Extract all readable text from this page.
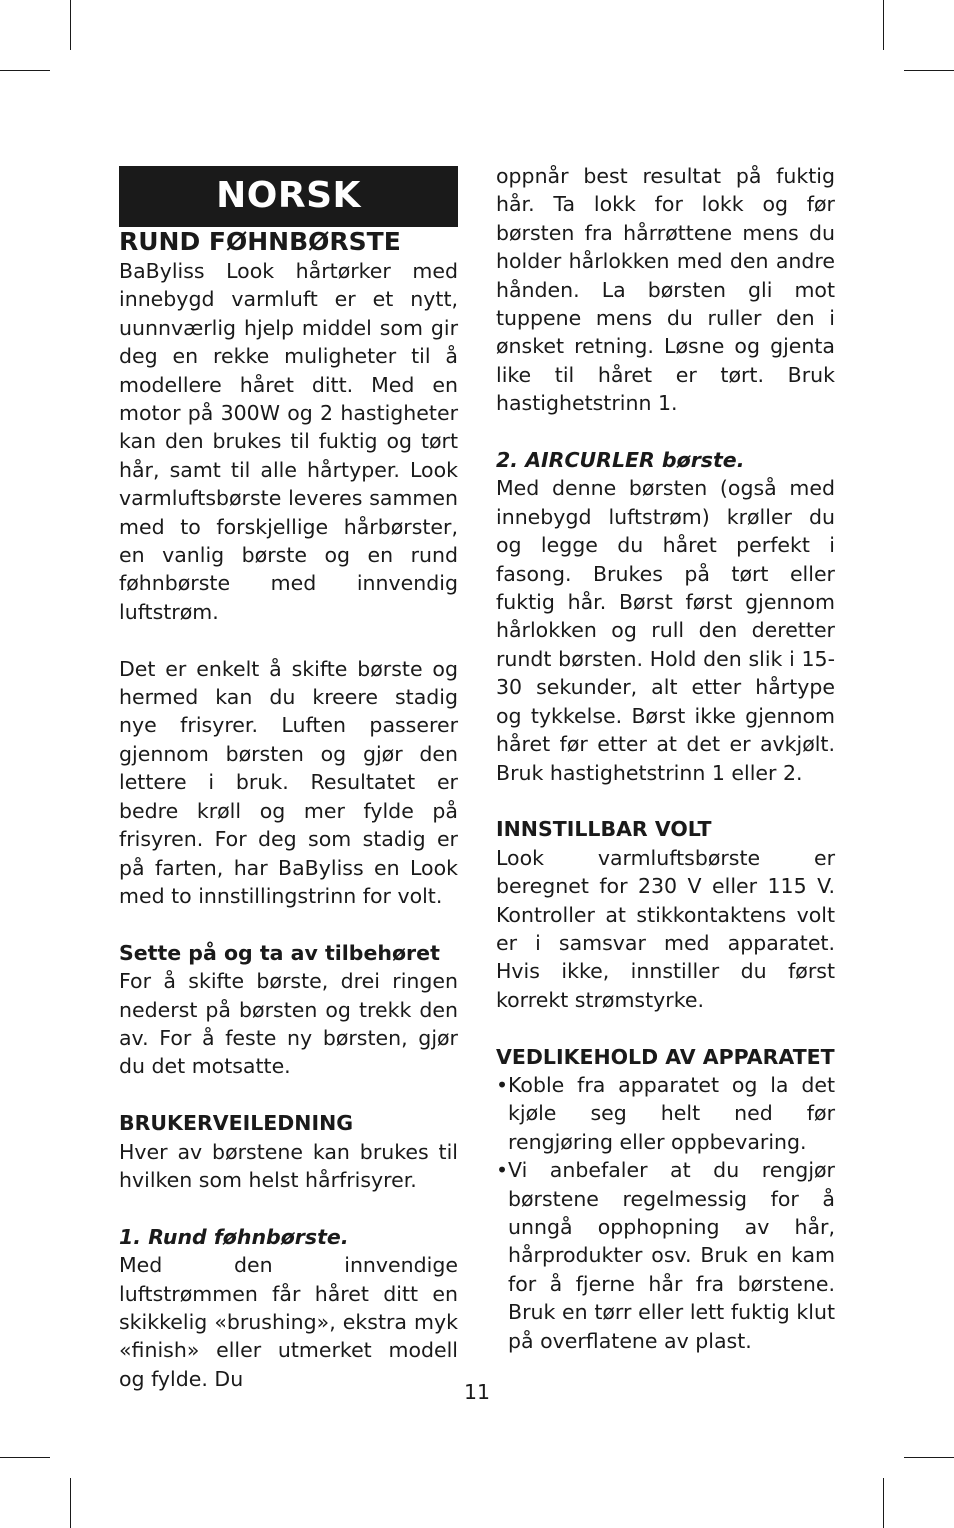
NORSK

RUND FØHNBØRSTE

BaByliss Look hårtørker med innebygd varmluft er et nytt, uunnværlig hjelp middel som gir deg en rekke muligheter til å modellere håret ditt. Med en motor på 300W og 2 hastigheter kan den brukes til fuktig og tørt hår, samt til alle hårtyper. Look varmluftsbørste leveres sammen med to forskjellige hårbørster, en vanlig børste og en rund føhnbørste med innvendig luftstrøm.

Det er enkelt å skifte børste og hermed kan du kreere stadig nye frisyrer. Luften passerer gjennom børsten og gjør den lettere i bruk. Resultatet er bedre krøll og mer fylde på frisyren. For deg som stadig er på farten, har BaByliss en Look med to innstillingstrinn for volt.

Sette på og ta av tilbehøret

For å skifte børste, drei ringen nederst på børsten og trekk den av. For å feste ny børsten, gjør du det motsatte.

BRUKERVEILEDNING

Hver av børstene kan brukes til hvilken som helst hårfrisyrer.

1. Rund føhnbørste.

Med den innvendige luftstrømmen får håret ditt en skikkelig «brushing», ekstra myk «finish» eller utmerket modell og fylde. Du

oppnår best resultat på fuktig hår. Ta lokk for lokk og før børsten fra hårrøttene mens du holder hårlokken med den andre hånden. La børsten gli mot tuppene mens du ruller den i ønsket retning. Løsne og gjenta like til håret er tørt. Bruk hastighetstrinn 1.

2. AIRCURLER børste.

Med denne børsten (også med innebygd luftstrøm) krøller du og legge du håret perfekt i fasong. Brukes på tørt eller fuktig hår. Børst først gjennom hårlokken og rull den deretter rundt børsten. Hold den slik i 15-30 sekunder, alt etter hårtype og tykkelse. Børst ikke gjennom håret før etter at det er avkjølt. Bruk hastighetstrinn 1 eller 2.

INNSTILLBAR VOLT

Look varmluftsbørste er beregnet for 230 V eller 115 V. Kontroller at stikkontaktens volt er i samsvar med apparatet. Hvis ikke, innstiller du først korrekt strømstyrke.

VEDLIKEHOLD AV APPARATET

• Koble fra apparatet og la det kjøle seg helt ned før rengjøring eller oppbevaring.
• Vi anbefaler at du rengjør børstene regelmessig for å unngå opphopning av hår, hårprodukter osv. Bruk en kam for å fjerne hår fra børstene. Bruk en tørr eller lett fuktig klut på overflatene av plast.
11
